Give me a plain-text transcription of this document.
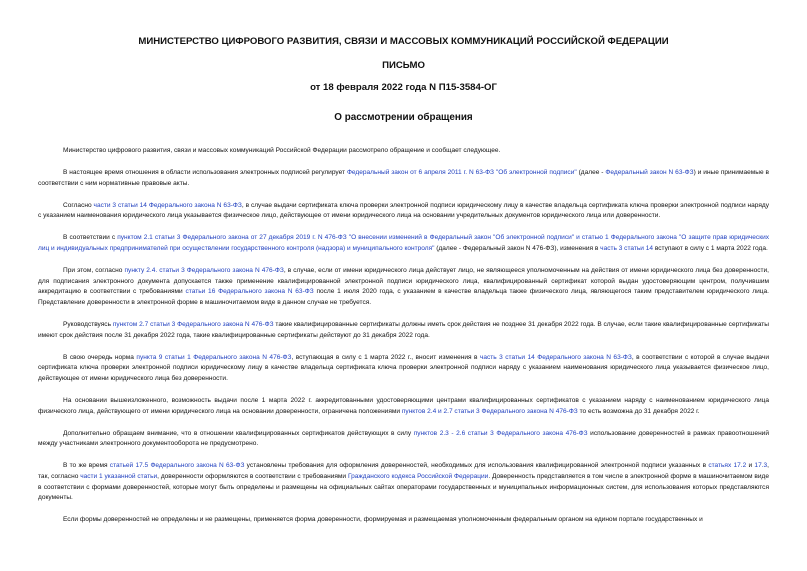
МИНИСТЕРСТВО ЦИФРОВОГО РАЗВИТИЯ, СВЯЗИ И МАССОВЫХ КОММУНИКАЦИЙ РОССИЙСКОЙ ФЕДЕРАЦИИ
ПИСЬМО
от 18 февраля 2022 года N П15-3584-ОГ
О рассмотрении обращения

Министерство цифрового развития, связи и массовых коммуникаций Российской Федерации рассмотрело обращение и сообщает следующее.

В настоящее время отношения в области использования электронных подписей регулирует Федеральный закон от 6 апреля 2011 г. N 63-ФЗ "Об электронной подписи" (далее - Федеральный закон N 63-ФЗ) и иные принимаемые в соответствии с ним нормативные правовые акты.

Согласно части 3 статьи 14 Федерального закона N 63-ФЗ, в случае выдачи сертификата ключа проверки электронной подписи юридическому лицу в качестве владельца сертификата ключа проверки электронной подписи наряду с указанием наименования юридического лица указывается физическое лицо, действующее от имени юридического лица на основании учредительных документов юридического лица или доверенности.

В соответствии с пунктом 2.1 статьи 3 Федерального закона от 27 декабря 2019 г. N 476-ФЗ "О внесении изменений в Федеральный закон "Об электронной подписи" и статью 1 Федерального закона "О защите прав юридических лиц и индивидуальных предпринимателей при осуществлении государственного контроля (надзора) и муниципального контроля" (далее - Федеральный закон N 476-ФЗ), изменения в часть 3 статьи 14 вступают в силу с 1 марта 2022 года.

При этом, согласно пункту 2.4. статьи 3 Федерального закона N 476-ФЗ, в случае, если от имени юридического лица действует лицо, не являющееся уполномоченным на действия от имени юридического лица без доверенности, для подписания электронного документа допускается также применение квалифицированной электронной подписи юридического лица, квалифицированный сертификат которой выдан удостоверяющим центром, получившим аккредитацию в соответствии с требованиями статьи 16 Федерального закона N 63-ФЗ после 1 июля 2020 года, с указанием в качестве владельца также физического лица, являющегося таким представителем юридического лица. Представление доверенности в электронной форме в машиночитаемом виде в данном случае не требуется.

Руководствуясь пунктом 2.7 статьи 3 Федерального закона N 476-ФЗ такие квалифицированные сертификаты должны иметь срок действия не позднее 31 декабря 2022 года. В случае, если такие квалифицированные сертификаты имеют срок действия после 31 декабря 2022 года, такие квалифицированные сертификаты действуют до 31 декабря 2022 года.

В свою очередь норма пункта 9 статьи 1 Федерального закона N 476-ФЗ, вступающая в силу с 1 марта 2022 г., вносит изменения в часть 3 статьи 14 Федерального закона N 63-ФЗ, в соответствии с которой в случае выдачи сертификата ключа проверки электронной подписи юридическому лицу в качестве владельца сертификата ключа проверки электронной подписи наряду с указанием наименования юридического лица указывается физическое лицо, действующее от имени юридического лица без доверенности.

На основании вышеизложенного, возможность выдачи после 1 марта 2022 г. аккредитованными удостоверяющими центрами квалифицированных сертификатов с указанием наряду с наименованием юридического лица физического лица, действующего от имени юридического лица на основании доверенности, ограничена положениями пунктов 2.4 и 2.7 статьи 3 Федерального закона N 476-ФЗ то есть возможна до 31 декабря 2022 г.

Дополнительно обращаем внимание, что в отношении квалифицированных сертификатов действующих в силу пунктов 2.3 - 2.6 статьи 3 Федерального закона 476-ФЗ использование доверенностей в рамках правоотношений между участниками электронного документооборота не предусмотрено.

В то же время статьей 17.5 Федерального закона N 63-ФЗ установлены требования для оформления доверенностей, необходимых для использования квалифицированной электронной подписи указанных в статьях 17.2 и 17.3, так, согласно части 1 указанной статьи, доверенности оформляются в соответствии с требованиями Гражданского кодекса Российской Федерации. Доверенность представляется в том числе в электронной форме в машиночитаемом виде в соответствии с формами доверенностей, которые могут быть определены и размещены на официальных сайтах операторами государственных и муниципальных информационных систем, для использования которых представляются документы.

Если формы доверенностей не определены и не размещены, применяется форма доверенности, формируемая и размещаемая уполномоченным федеральным органом на едином портале государственных и
